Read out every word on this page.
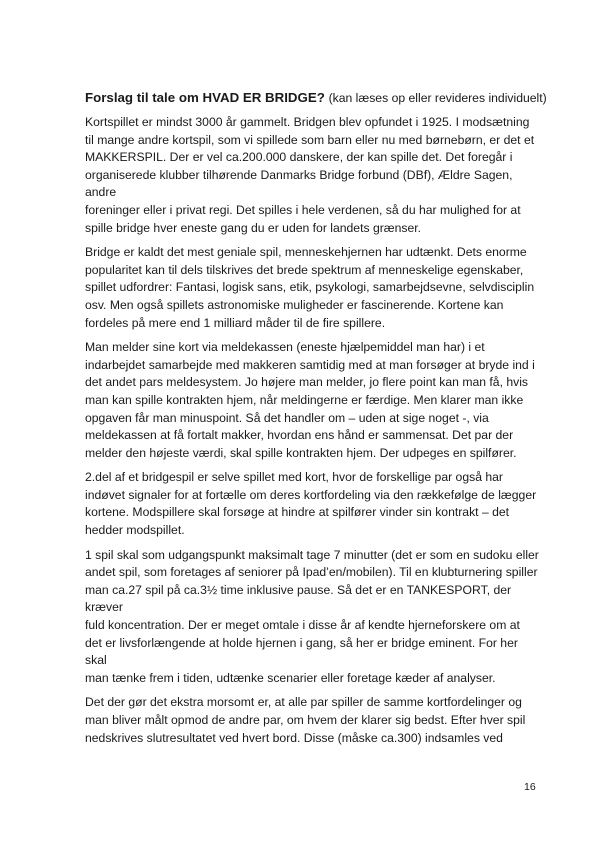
Forslag til tale om HVAD ER BRIDGE? (kan læses op eller revideres individuelt)

Kortspillet er mindst 3000 år gammelt. Bridgen blev opfundet i 1925. I modsætning
til mange andre kortspil, som vi spillede som barn eller nu med børnebørn, er det et
MAKKERSPIL. Der er vel ca.200.000 danskere, der kan spille det. Det foregår i
organiserede klubber tilhørende Danmarks Bridge forbund (DBf), Ældre Sagen, andre
foreninger eller i privat regi. Det spilles i hele verdenen, så du har mulighed for at
spille bridge hver eneste gang du er uden for landets grænser.

Bridge er kaldt det mest geniale spil, menneskehjernen har udtænkt. Dets enorme
popularitet kan til dels tilskrives det brede spektrum af menneskelige egenskaber,
spillet udfordrer: Fantasi, logisk sans, etik, psykologi, samarbejdsevne, selvdisciplin
osv. Men også spillets astronomiske muligheder er fascinerende. Kortene kan
fordeles på mere end 1 milliard måder til de fire spillere.

Man melder sine kort via meldekassen (eneste hjælpemiddel man har) i et
indarbejdet samarbejde med makkeren samtidig med at man forsøger at bryde ind i
det andet pars meldesystem. Jo højere man melder, jo flere point kan man få, hvis
man kan spille kontrakten hjem, når meldingerne er færdige. Men klarer man ikke
opgaven får man minuspoint. Så det handler om – uden at sige noget -, via
meldekassen at få fortalt makker, hvordan ens hånd er sammensat. Det par der
melder den højeste værdi, skal spille kontrakten hjem. Der udpeges en spilfører.

2.del af et bridgespil er selve spillet med kort, hvor de forskellige par også har
indøvet signaler for at fortælle om deres kortfordeling via den rækkefølge de lægger
kortene. Modspillere skal forsøge at hindre at spilfører vinder sin kontrakt – det
hedder modspillet.

1 spil skal som udgangspunkt maksimalt tage 7 minutter (det er som en sudoku eller
andet spil, som foretages af seniorer på Ipad’en/mobilen). Til en klubturnering spiller
man ca.27 spil på ca.3½ time inklusive pause. Så det er en TANKESPORT, der kræver
fuld koncentration. Der er meget omtale i disse år af kendte hjerneforskere om at
det er livsforlængende at holde hjernen i gang, så her er bridge eminent. For her skal
man tænke frem i tiden, udtænke scenarier eller foretage kæder af analyser.

Det der gør det ekstra morsomt er, at alle par spiller de samme kortfordelinger og
man bliver målt opmod de andre par, om hvem der klarer sig bedst. Efter hver spil
nedskrives slutresultatet ved hvert bord. Disse (måske ca.300) indsamles ved

16
